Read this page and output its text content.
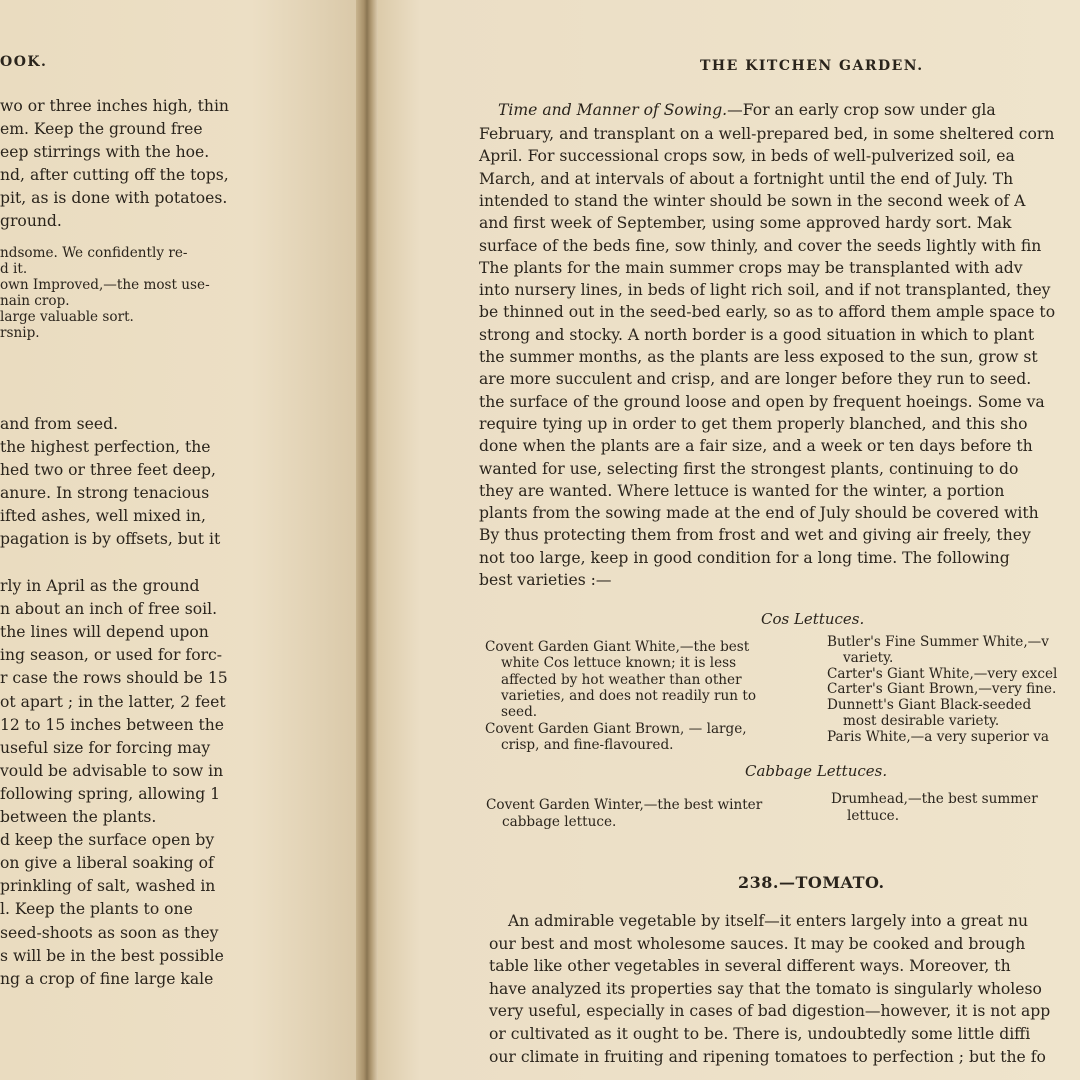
OOK.
wo or three inches high, thin
em. Keep the ground free
eep stirrings with the hoe.
nd, after cutting off the tops,
pit, as is done with potatoes.
ground.
ndsome. We confidently re-
d it.
own Improved,—the most use-
nain crop.
large valuable sort.
rsnip.
and from seed.
the highest perfection, the
hed two or three feet deep,
anure. In strong tenacious
ifted ashes, well mixed in,
pagation is by offsets, but it
rly in April as the ground
n about an inch of free soil.
the lines will depend upon
ing season, or used for forc-
r case the rows should be 15
ot apart ; in the latter, 2 feet
12 to 15 inches between the
useful size for forcing may
vould be advisable to sow in
following spring, allowing 1
between the plants.
d keep the surface open by
on give a liberal soaking of
prinkling of salt, washed in
l. Keep the plants to one
seed-shoots as soon as they
s will be in the best possible
ng a crop of fine large kale
THE KITCHEN GARDEN.
Time and Manner of Sowing.—For an early crop sow under gla
February, and transplant on a well-prepared bed, in some sheltered corn
April. For successional crops sow, in beds of well-pulverized soil, ea
March, and at intervals of about a fortnight until the end of July. Th
intended to stand the winter should be sown in the second week of A
and first week of September, using some approved hardy sort. Mak
surface of the beds fine, sow thinly, and cover the seeds lightly with fin
The plants for the main summer crops may be transplanted with adv
into nursery lines, in beds of light rich soil, and if not transplanted, they
be thinned out in the seed-bed early, so as to afford them ample space to
strong and stocky. A north border is a good situation in which to plant
the summer months, as the plants are less exposed to the sun, grow st
are more succulent and crisp, and are longer before they run to seed.
the surface of the ground loose and open by frequent hoeings. Some va
require tying up in order to get them properly blanched, and this sho
done when the plants are a fair size, and a week or ten days before th
wanted for use, selecting first the strongest plants, continuing to do
they are wanted. Where lettuce is wanted for the winter, a portion
plants from the sowing made at the end of July should be covered with
By thus protecting them from frost and wet and giving air freely, they
not too large, keep in good condition for a long time. The following
best varieties :—
Cos Lettuces.
Covent Garden Giant White,—the best
white Cos lettuce known; it is less
affected by hot weather than other
varieties, and does not readily run to
seed.
Covent Garden Giant Brown, — large,
crisp, and fine-flavoured.
Butler's Fine Summer White,—v
variety.
Carter's Giant White,—very excel
Carter's Giant Brown,—very fine.
Dunnett's Giant Black-seeded
most desirable variety.
Paris White,—a very superior va
Cabbage Lettuces.
Covent Garden Winter,—the best winter
cabbage lettuce.
Drumhead,—the best summer
lettuce.
238.—TOMATO.
An admirable vegetable by itself—it enters largely into a great nu
our best and most wholesome sauces. It may be cooked and brough
table like other vegetables in several different ways. Moreover, th
have analyzed its properties say that the tomato is singularly wholeso
very useful, especially in cases of bad digestion—however, it is not app
or cultivated as it ought to be. There is, undoubtedly some little diffi
our climate in fruiting and ripening tomatoes to perfection ; but the fo
